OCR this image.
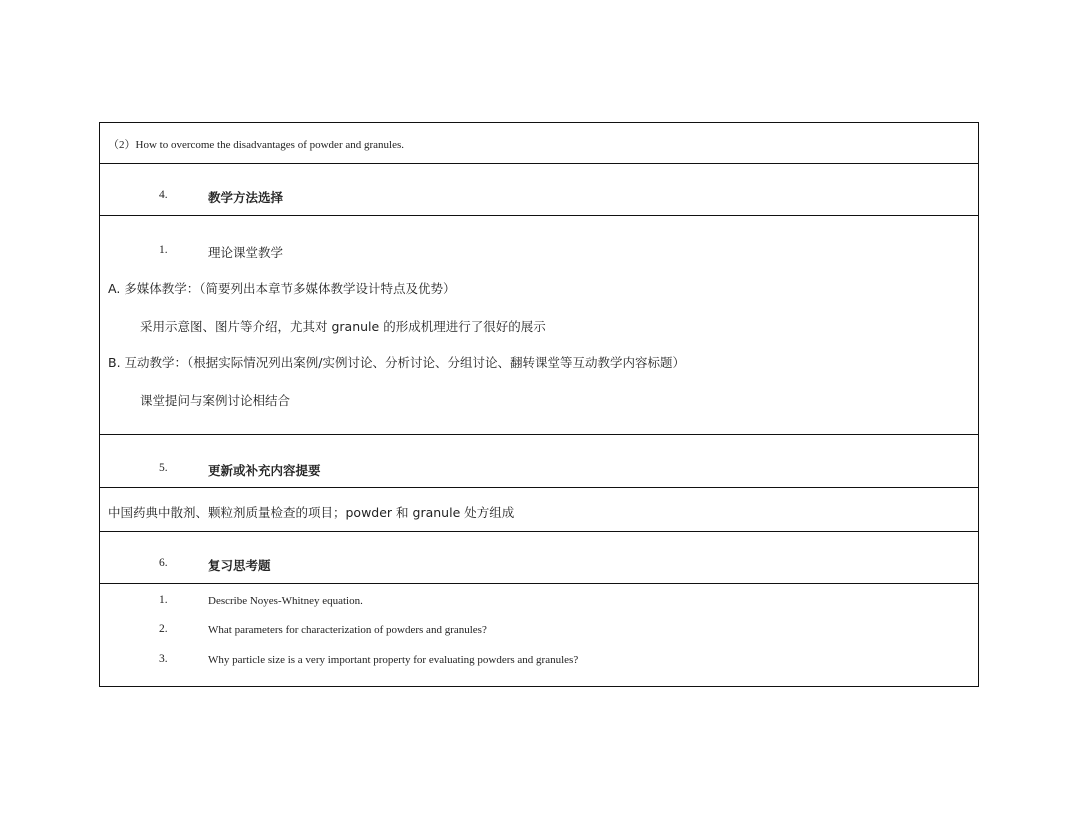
（2）How to overcome the disadvantages of powder and granules.
4.	教学方法选择
1.	理论课堂教学
A. 多媒体教学：（简要列出本章节多媒体教学设计特点及优势）
采用示意图、图片等介绍，尤其对 granule 的形成机理进行了很好的展示
B. 互动教学：（根据实际情况列出案例/实例讨论、分析讨论、分组讨论、翻转课堂等互动教学内容标题）
课堂提问与案例讨论相结合
5.	更新或补充内容提要
中国药典中散剂、颗粒剂质量检查的项目；powder 和 granule 处方组成
6.	复习思考题
1.	Describe Noyes-Whitney equation.
2.	What parameters for characterization of powders and granules?
3.	Why particle size is a very important property for evaluating powders and granules?
